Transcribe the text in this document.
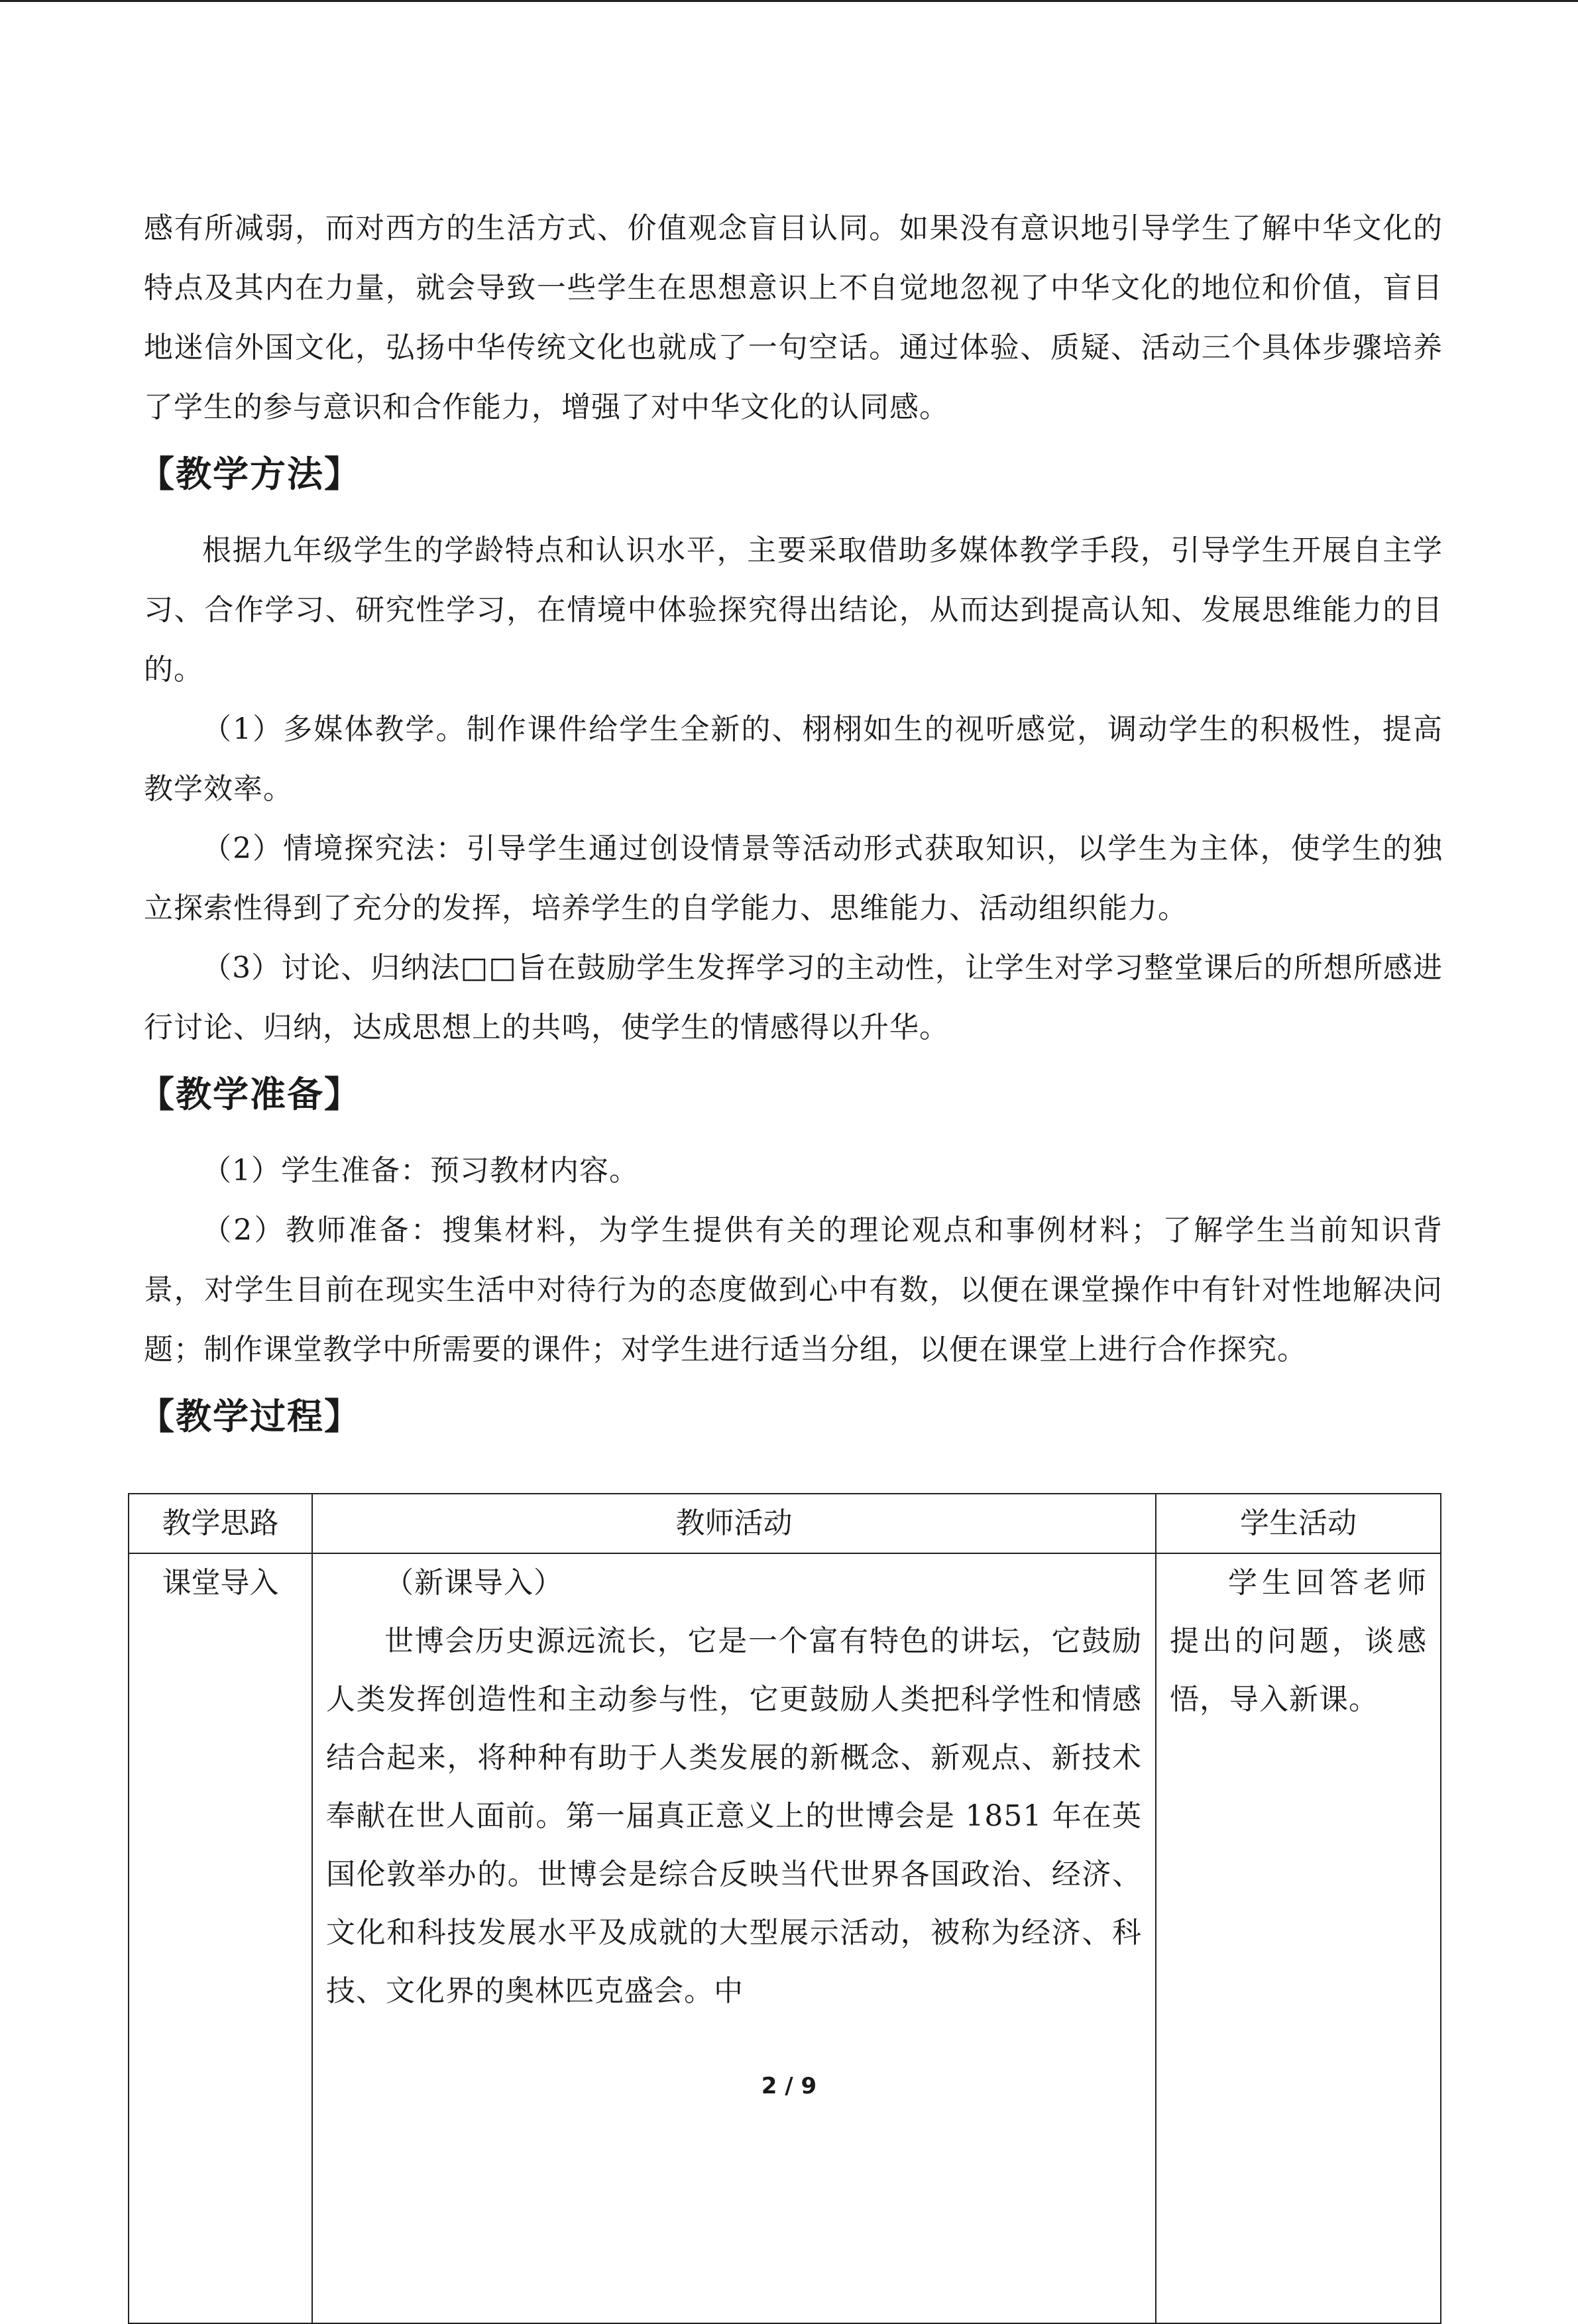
感有所减弱，而对西方的生活方式、价值观念盲目认同。如果没有意识地引导学生了解中华文化的特点及其内在力量，就会导致一些学生在思想意识上不自觉地忽视了中华文化的地位和价值，盲目地迷信外国文化，弘扬中华传统文化也就成了一句空话。通过体验、质疑、活动三个具体步骤培养了学生的参与意识和合作能力，增强了对中华文化的认同感。

【教学方法】

根据九年级学生的学龄特点和认识水平，主要采取借助多媒体教学手段，引导学生开展自主学习、合作学习、研究性学习，在情境中体验探究得出结论，从而达到提高认知、发展思维能力的目的。

（1）多媒体教学。制作课件给学生全新的、栩栩如生的视听感觉，调动学生的积极性，提高教学效率。

（2）情境探究法：引导学生通过创设情景等活动形式获取知识，以学生为主体，使学生的独立探索性得到了充分的发挥，培养学生的自学能力、思维能力、活动组织能力。

（3）讨论、归纳法□□旨在鼓励学生发挥学习的主动性，让学生对学习整堂课后的所想所感进行讨论、归纳，达成思想上的共鸣，使学生的情感得以升华。

【教学准备】

（1）学生准备：预习教材内容。

（2）教师准备：搜集材料，为学生提供有关的理论观点和事例材料；了解学生当前知识背景，对学生目前在现实生活中对待行为的态度做到心中有数，以便在课堂操作中有针对性地解决问题；制作课堂教学中所需要的课件；对学生进行适当分组，以便在课堂上进行合作探究。

【教学过程】
教学思路	教师活动	学生活动
课堂导入	（新课导入）

世博会历史源远流长，它是一个富有特色的讲坛，它鼓励人类发挥创造性和主动参与性，它更鼓励人类把科学性和情感结合起来，将种种有助于人类发展的新概念、新观点、新技术奉献在世人面前。第一届真正意义上的世博会是 1851 年在英国伦敦举办的。世博会是综合反映当代世界各国政治、经济、文化和科技发展水平及成就的大型展示活动，被称为经济、科技、文化界的奥林匹克盛会。中	学生回答老师提出的问题，谈感悟，导入新课。

2 / 9
